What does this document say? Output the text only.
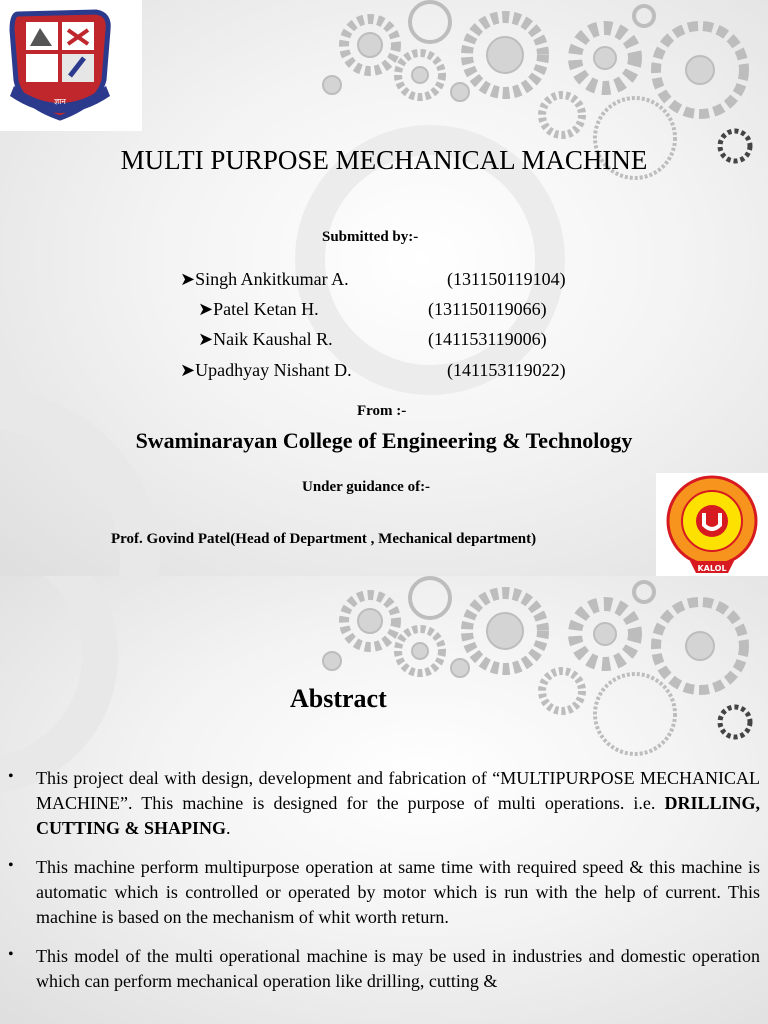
ज्ञान
MULTI PURPOSE MECHANICAL MACHINE
Submitted by:-
➤Singh Ankitkumar A.	(131150119104)
➤Patel Ketan H.	(131150119066)
➤Naik Kaushal R.	(141153119006)
➤Upadhyay Nishant D.	(141153119022)
From :-
Swaminarayan College of Engineering & Technology
Under guidance of:-
Prof. Govind Patel(Head of Department , Mechanical department)
KALOL
Abstract
• This project deal with design, development and fabrication of “MULTIPURPOSE MECHANICAL MACHINE”. This machine is designed for the purpose of multi operations. i.e. DRILLING, CUTTING & SHAPING.
• This machine perform multipurpose operation at same time with required speed & this machine is automatic which is controlled or operated by motor which is run with the help of current. This machine is based on the mechanism of whit worth return.
• This model of the multi operational machine is may be used in industries and domestic operation which can perform mechanical operation like drilling, cutting &
